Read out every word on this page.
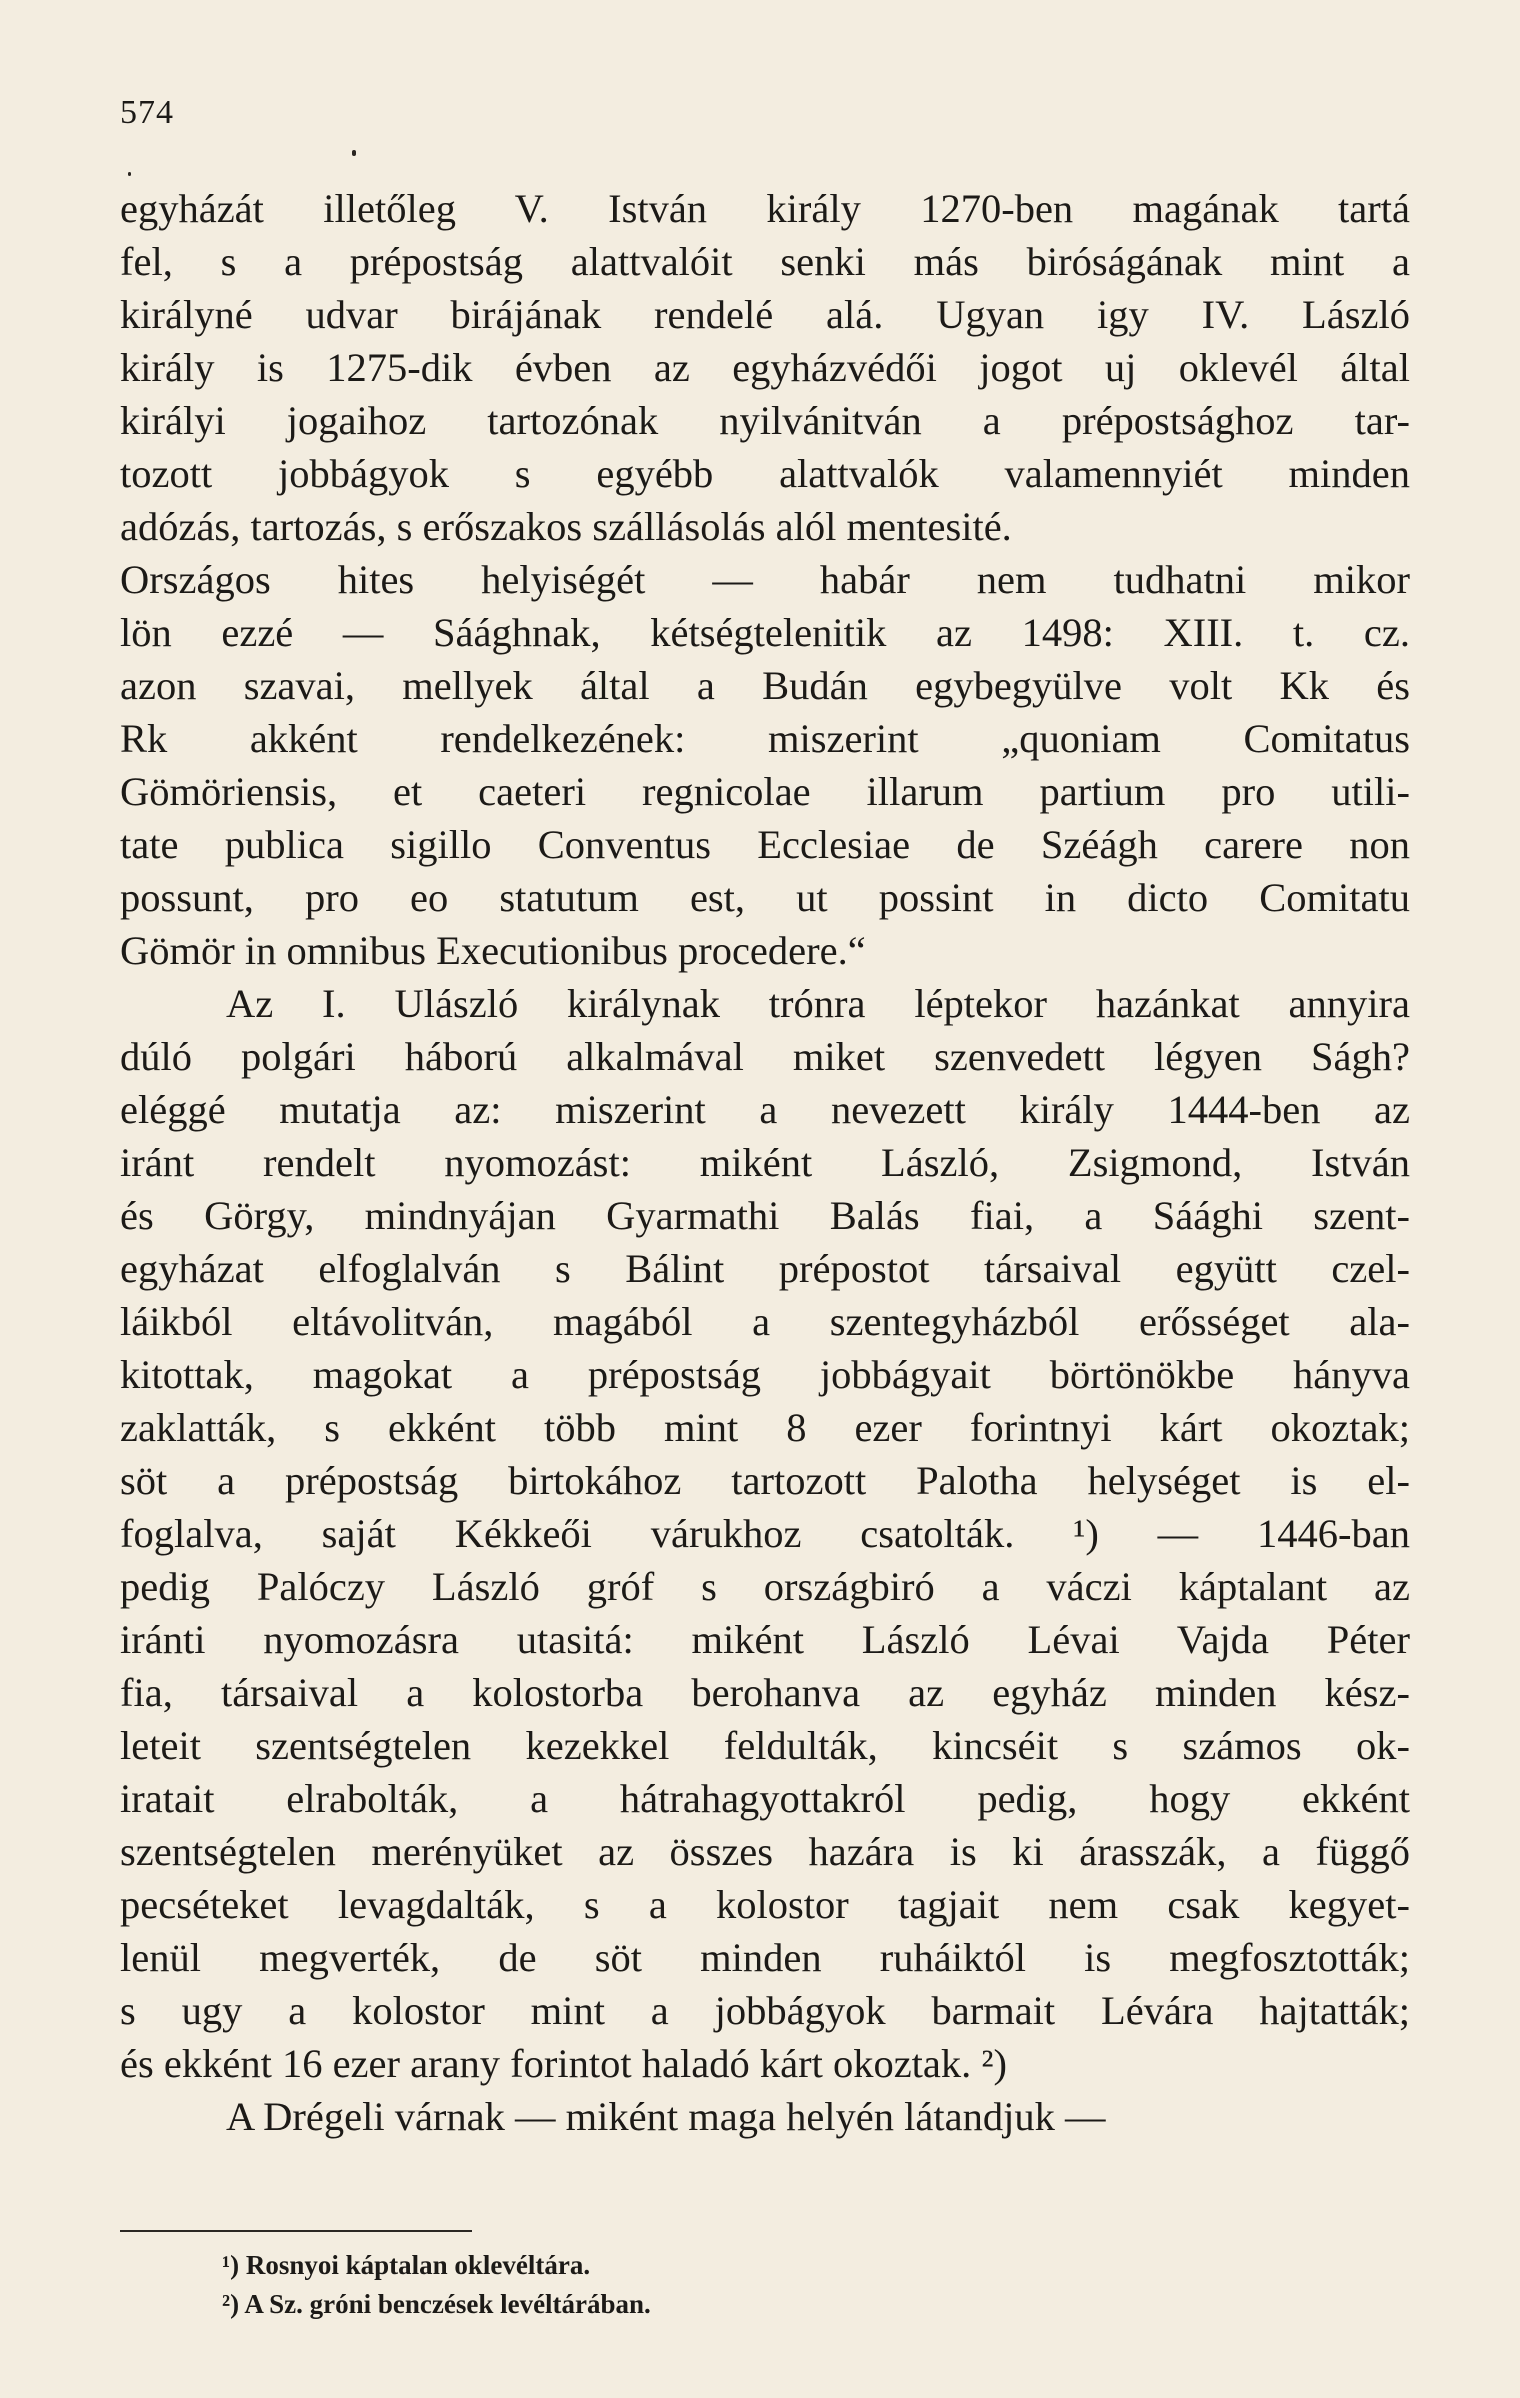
574
egyházát illetőleg V. István király 1270-ben magának tartá
fel, s a prépostság alattvalóit senki más biróságának mint a
királyné udvar birájának rendelé alá. Ugyan igy IV. László
király is 1275-dik évben az egyházvédői jogot uj oklevél által
királyi jogaihoz tartozónak nyilvánitván a prépostsághoz tar-
tozott jobbágyok s egyébb alattvalók valamennyiét minden
adózás, tartozás, s erőszakos szállásolás alól mentesité.
Országos hites helyiségét — habár nem tudhatni mikor
lön ezzé — Sáághnak, kétségtelenitik az 1498: XIII. t. cz.
azon szavai, mellyek által a Budán egybegyülve volt Kk és
Rk akként rendelkezének: miszerint „quoniam Comitatus
Gömöriensis, et caeteri regnicolae illarum partium pro utili-
tate publica sigillo Conventus Ecclesiae de Széágh carere non
possunt, pro eo statutum est, ut possint in dicto Comitatu
Gömör in omnibus Executionibus procedere.“
Az I. Ulászló királynak trónra léptekor hazánkat annyira
dúló polgári háború alkalmával miket szenvedett légyen Ságh?
eléggé mutatja az: miszerint a nevezett király 1444-ben az
iránt rendelt nyomozást: miként László, Zsigmond, István
és Görgy, mindnyájan Gyarmathi Balás fiai, a Sáághi szent-
egyházat elfoglalván s Bálint prépostot társaival együtt czel-
láikból eltávolitván, magából a szentegyházból erősséget ala-
kitottak, magokat a prépostság jobbágyait börtönökbe hányva
zaklatták, s ekként több mint 8 ezer forintnyi kárt okoztak;
söt a prépostság birtokához tartozott Palotha helységet is el-
foglalva, saját Kékkeői várukhoz csatolták. ¹) — 1446-ban
pedig Palóczy László gróf s országbiró a váczi káptalant az
iránti nyomozásra utasitá: miként László Lévai Vajda Péter
fia, társaival a kolostorba berohanva az egyház minden kész-
leteit szentségtelen kezekkel feldulták, kincséit s számos ok-
iratait elrabolták, a hátrahagyottakról pedig, hogy ekként
szentségtelen merényüket az összes hazára is ki árasszák, a függő
pecséteket levagdalták, s a kolostor tagjait nem csak kegyet-
lenül megverték, de söt minden ruháiktól is megfosztották;
s ugy a kolostor mint a jobbágyok barmait Lévára hajtatták;
és ekként 16 ezer arany forintot haladó kárt okoztak. ²)
A Drégeli várnak — miként maga helyén látandjuk —
¹) Rosnyoi káptalan oklevéltára.
²) A Sz. gróni benczések levéltárában.
